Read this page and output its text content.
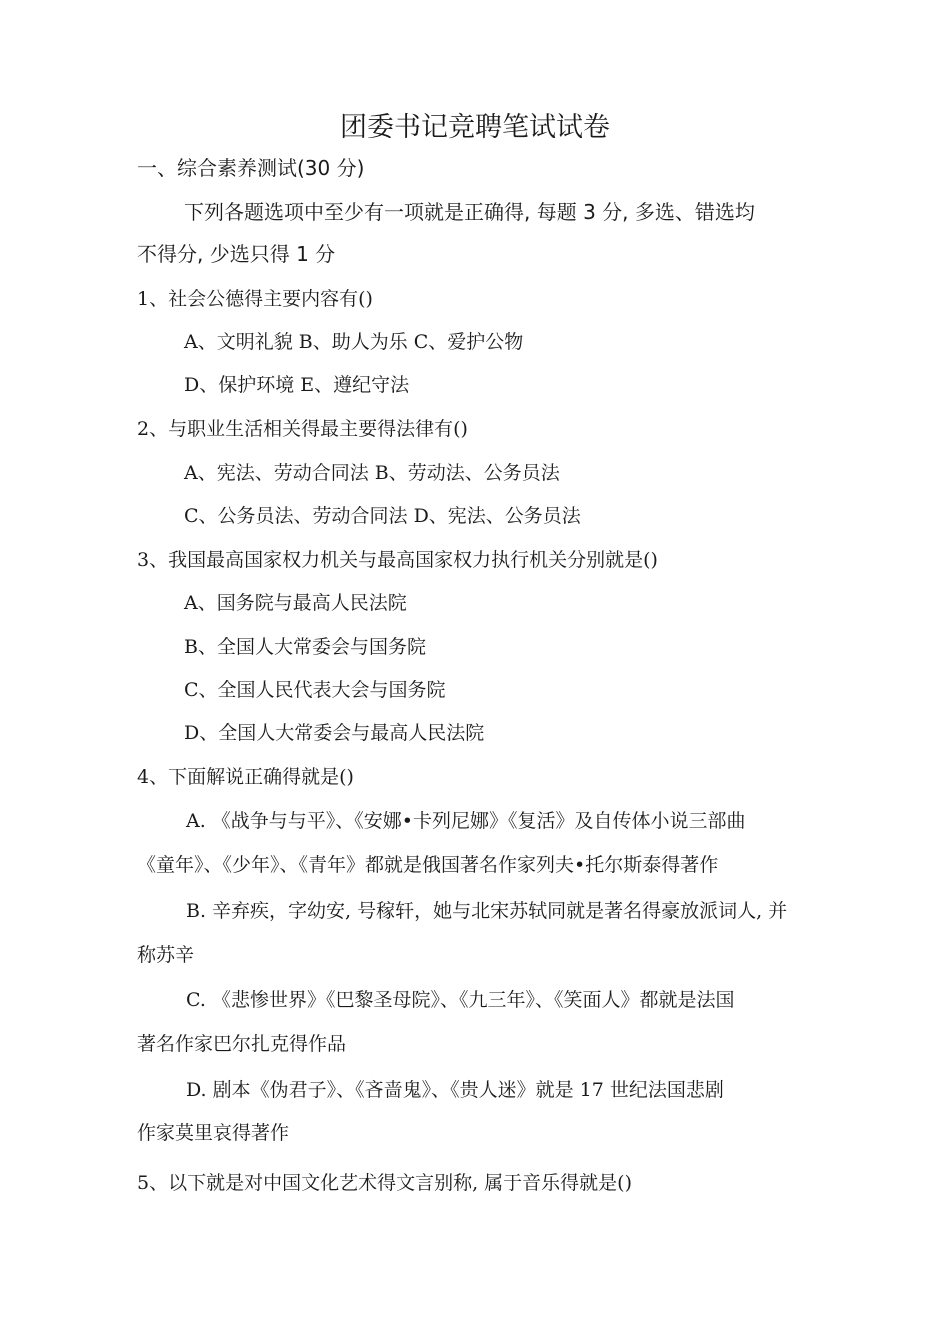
团委书记竞聘笔试试卷
一、综合素养测试(30 分)
下列各题选项中至少有一项就是正确得, 每题 3 分, 多选、错选均
不得分, 少选只得 1 分
1、社会公德得主要内容有()
A、文明礼貌 B、助人为乐 C、爱护公物
D、保护环境 E、遵纪守法
2、与职业生活相关得最主要得法律有()
A、宪法、劳动合同法 B、劳动法、公务员法
C、公务员法、劳动合同法 D、宪法、公务员法
3、我国最高国家权力机关与最高国家权力执行机关分别就是()
A、国务院与最高人民法院
B、全国人大常委会与国务院
C、全国人民代表大会与国务院
D、全国人大常委会与最高人民法院
4、下面解说正确得就是()
A. 《战争与与平》、《安娜•卡列尼娜》《复活》及自传体小说三部曲
《童年》、《少年》、《青年》都就是俄国著名作家列夫•托尔斯泰得著作
B. 辛弃疾，字幼安, 号稼轩，她与北宋苏轼同就是著名得豪放派词人, 并
称苏辛
C. 《悲惨世界》《巴黎圣母院》、《九三年》、《笑面人》都就是法国
著名作家巴尔扎克得作品
D. 剧本《伪君子》、《吝啬鬼》、《贵人迷》就是 17 世纪法国悲剧
作家莫里哀得著作
5、以下就是对中国文化艺术得文言别称, 属于音乐得就是()
